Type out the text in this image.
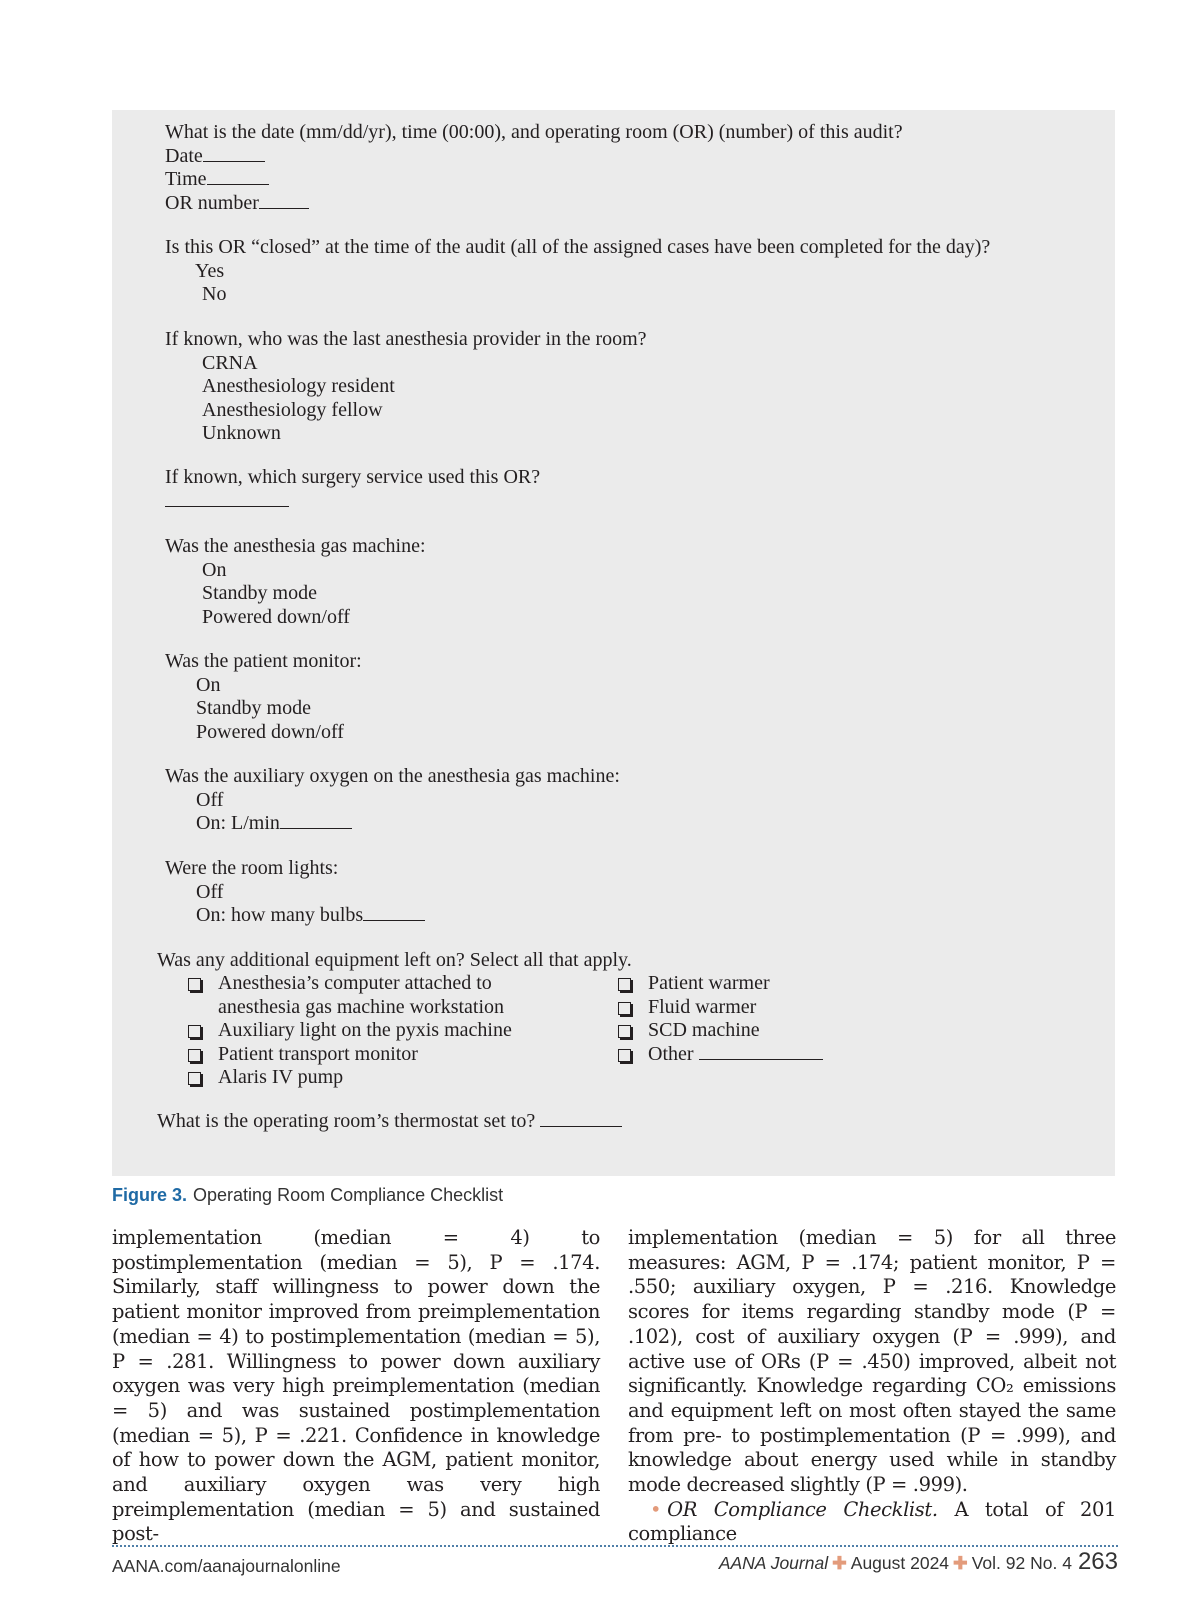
What is the date (mm/dd/yr), time (00:00), and operating room (OR) (number) of this audit?
Date
Time
OR number
Is this OR “closed” at the time of the audit (all of the assigned cases have been completed for the day)?
Yes
No
If known, who was the last anesthesia provider in the room?
CRNA
Anesthesiology resident
Anesthesiology fellow
Unknown
If known, which surgery service used this OR?
Was the anesthesia gas machine:
On
Standby mode
Powered down/off
Was the patient monitor:
On
Standby mode
Powered down/off
Was the auxiliary oxygen on the anesthesia gas machine:
Off
On: L/min
Were the room lights:
Off
On: how many bulbs
Was any additional equipment left on? Select all that apply.
Anesthesia’s computer attached to
anesthesia gas machine workstation
Auxiliary light on the pyxis machine
Patient transport monitor
Alaris IV pump
Patient warmer
Fluid warmer
SCD machine
Other
What is the operating room’s thermostat set to?
Figure 3. Operating Room Compliance Checklist
implementation (median = 4) to postimplementation (median = 5), P = .174. Similarly, staff willingness to power down the patient monitor improved from preimplementation (median = 4) to postimplementation (median = 5), P = .281. Willingness to power down auxiliary oxygen was very high preimplementation (median = 5) and was sustained postimplementation (median = 5), P = .221. Confidence in knowledge of how to power down the AGM, patient monitor, and auxiliary oxygen was very high preimplementation (median = 5) and sustained post-
implementation (median = 5) for all three measures: AGM, P = .174; patient monitor, P = .550; auxiliary oxygen, P = .216. Knowledge scores for items regarding standby mode (P = .102), cost of auxiliary oxygen (P = .999), and active use of ORs (P = .450) improved, albeit not significantly. Knowledge regarding CO₂ emissions and equipment left on most often stayed the same from pre- to postimplementation (P = .999), and knowledge about energy used while in standby mode decreased slightly (P = .999).
• OR Compliance Checklist. A total of 201 compliance
AANA.com/aanajournalonline	AANA Journal ✚ August 2024 ✚ Vol. 92 No. 4 263
